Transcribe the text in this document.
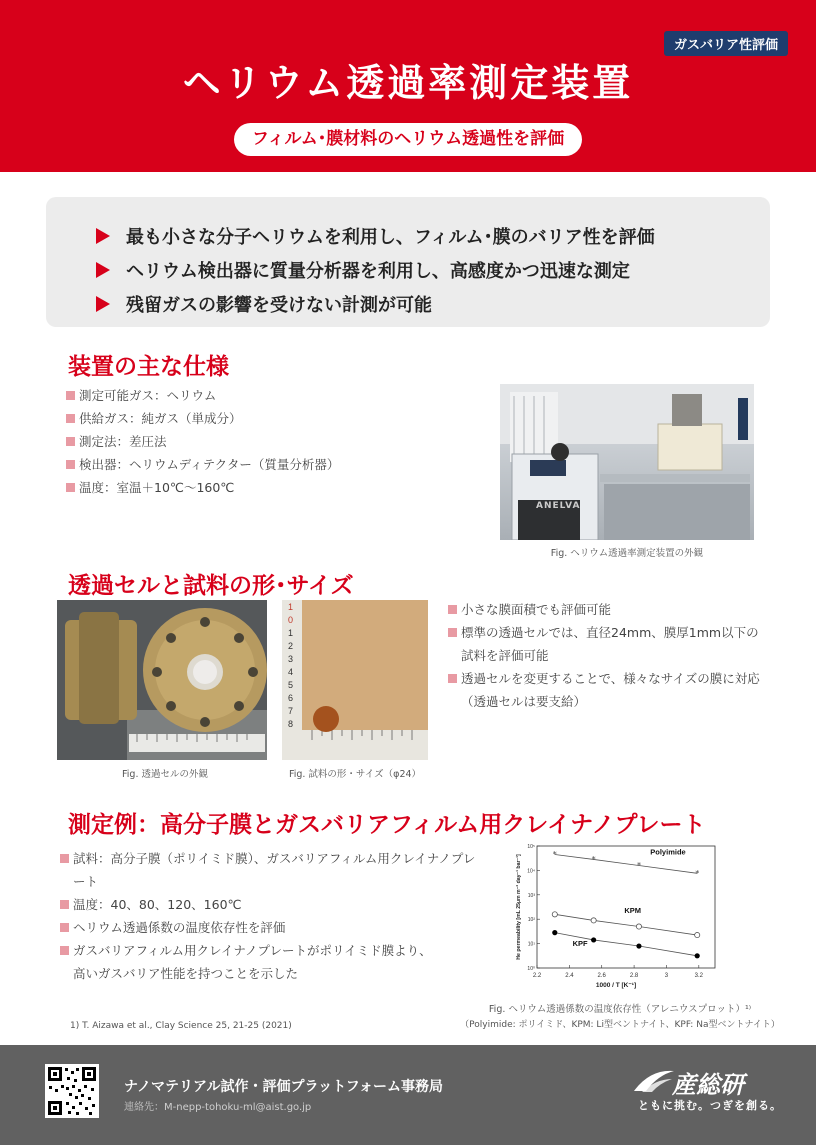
ガスバリア性評価
ヘリウム透過率測定装置
フィルム･膜材料のヘリウム透過性を評価
最も小さな分子ヘリウムを利用し、フィルム･膜のバリア性を評価
ヘリウム検出器に質量分析器を利用し、高感度かつ迅速な測定
残留ガスの影響を受けない計測が可能
装置の主な仕様
測定可能ガス：ヘリウム
供給ガス：純ガス（単成分）
測定法：差圧法
検出器：ヘリウムディテクター（質量分析器）
温度：室温＋10℃～160℃
ANELVA
Fig. ヘリウム透過率測定装置の外観
透過セルと試料の形･サイズ
Fig. 透過セルの外観
1
0
1
2
3
4
5
6
7
8
Fig. 試料の形・サイズ（φ24）
小さな膜面積でも評価可能
標準の透過セルでは、直径24mm、膜厚1mm以下の
試料を評価可能
透過セルを変更することで、様々なサイズの膜に対応
（透過セルは要支給）
測定例：高分子膜とガスバリアフィルム用クレイナノプレート
試料：高分子膜（ポリイミド膜）、ガスバリアフィルム用クレイナノプレート
温度：40、80、120、160℃
ヘリウム透過係数の温度依存性を評価
ガスバリアフィルム用クレイナノプレートがポリイミド膜より、
高いガスバリア性能を持つことを示した	2.2	2.4	2.6	2.8	3	3.2
10⁰
10¹
10²
10³
10⁴
10⁵
1000 / T [K⁻¹]
He permeability [mL 25µm m⁻² day⁻¹ bar⁻¹]	*
*
*
*
Polyimide
KPM
KPF
Fig. ヘリウム透過係数の温度依存性（アレニウスプロット）¹⁾
（Polyimide: ポリイミド、KPM: Li型ベントナイト、KPF: Na型ベントナイト）
1) T. Aizawa et al., Clay Science 25, 21-25 (2021)
ナノマテリアル試作・評価プラットフォーム事務局
連絡先：M-nepp-tohoku-ml@aist.go.jp
産総研
ともに挑む。つぎを創る。
